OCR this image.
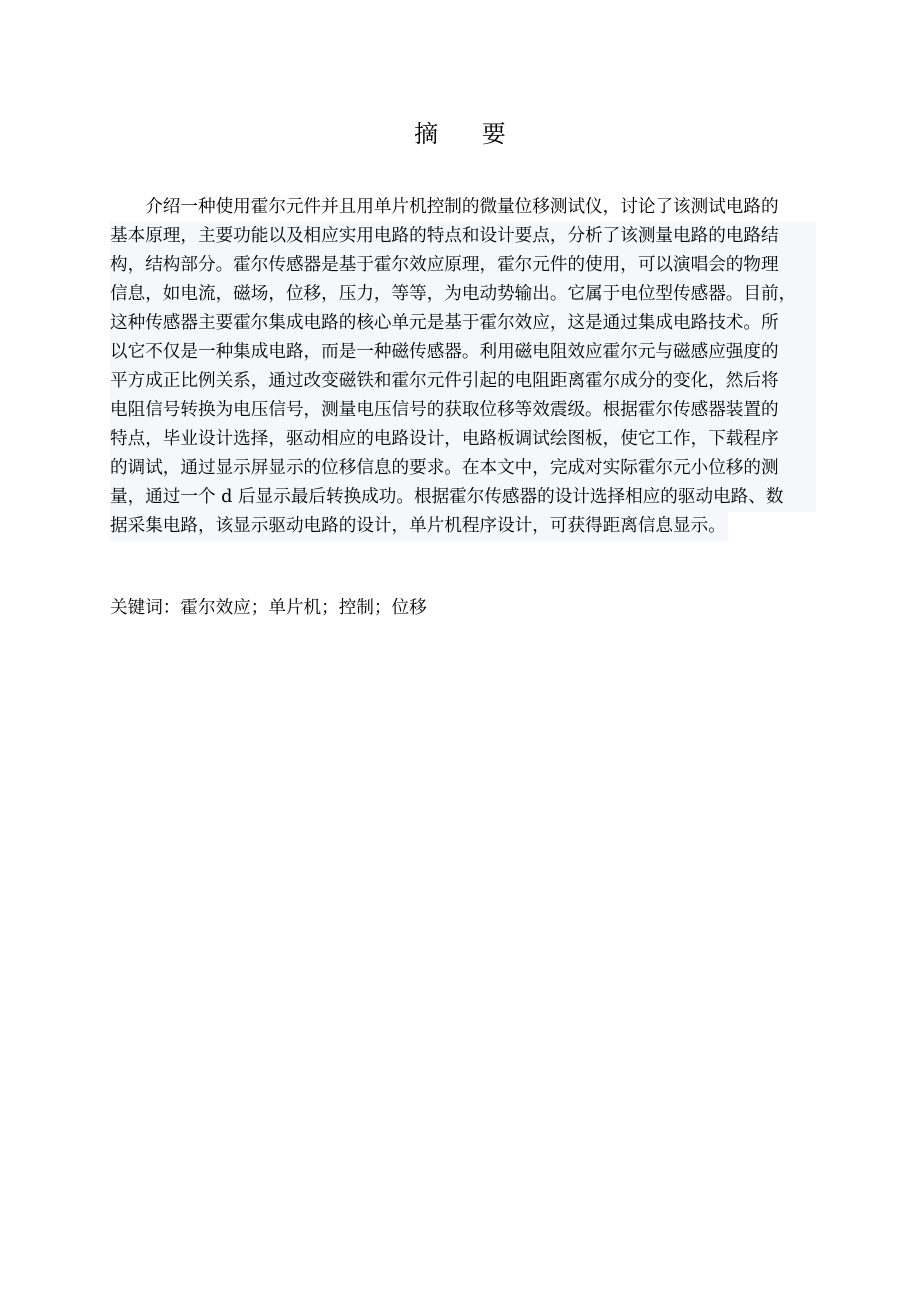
摘 要
　　介绍一种使用霍尔元件并且用单片机控制的微量位移测试仪，讨论了该测试电路的
基本原理，主要功能以及相应实用电路的特点和设计要点，分析了该测量电路的电路结
构，结构部分。霍尔传感器是基于霍尔效应原理，霍尔元件的使用，可以演唱会的物理
信息，如电流，磁场，位移，压力，等等，为电动势输出。它属于电位型传感器。目前，
这种传感器主要霍尔集成电路的核心单元是基于霍尔效应，这是通过集成电路技术。所
以它不仅是一种集成电路，而是一种磁传感器。利用磁电阻效应霍尔元与磁感应强度的
平方成正比例关系，通过改变磁铁和霍尔元件引起的电阻距离霍尔成分的变化，然后将
电阻信号转换为电压信号，测量电压信号的获取位移等效震级。根据霍尔传感器装置的
特点，毕业设计选择，驱动相应的电路设计，电路板调试绘图板，使它工作，下载程序
的调试，通过显示屏显示的位移信息的要求。在本文中，完成对实际霍尔元小位移的测
量，通过一个 d 后显示最后转换成功。根据霍尔传感器的设计选择相应的驱动电路、数
据采集电路，该显示驱动电路的设计，单片机程序设计，可获得距离信息显示。
关键词：霍尔效应；单片机；控制；位移
